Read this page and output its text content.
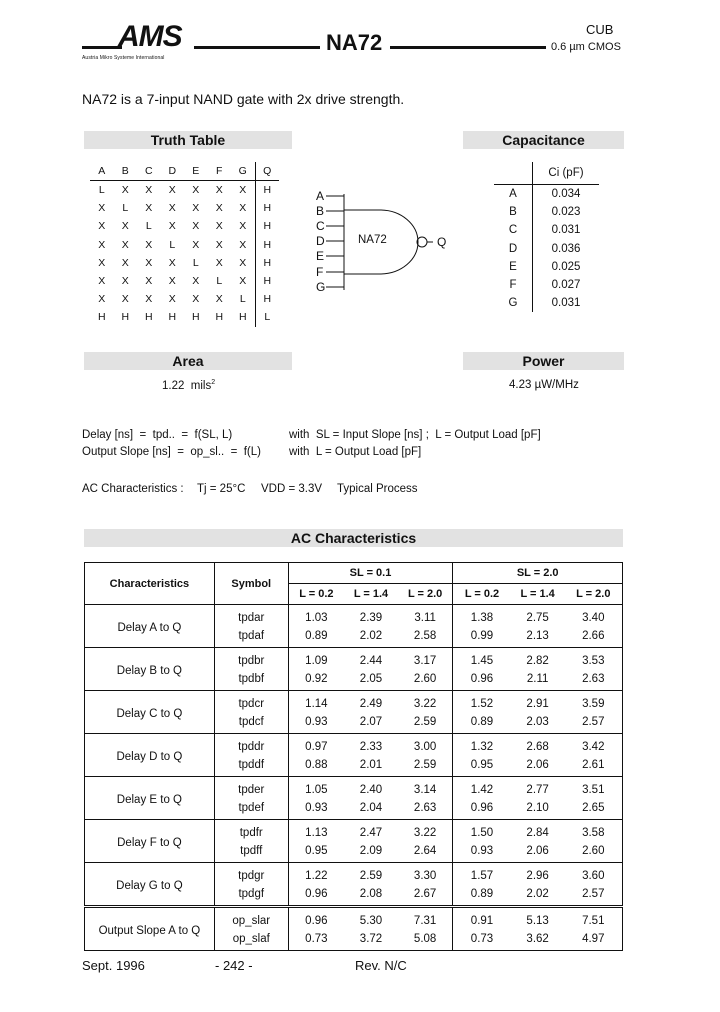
AMS
Austria Mikro Systeme International
NA72
CUB
0.6 µm CMOS
NA72 is a 7-input NAND gate with 2x drive strength.
Truth Table
A	B	C	D	E	F	G	Q
L	X	X	X	X	X	X	H
X	L	X	X	X	X	X	H
X	X	L	X	X	X	X	H
X	X	X	L	X	X	X	H
X	X	X	X	L	X	X	H
X	X	X	X	X	L	X	H
X	X	X	X	X	X	L	H
H	H	H	H	H	H	H	L
A
B
C
D
E
F
G
NA72	Q
Capacitance
	Ci (pF)
A	0.034
B	0.023
C	0.031
D	0.036
E	0.025
F	0.027
G	0.031
Area
1.22 mils$^2$
Power
4.23 µW/MHz
Delay [ns]  =  tpd..  =  f(SL, L)	with  SL = Input Slope [ns] ;  L = Output Load [pF]
Output Slope [ns]  =  op_sl..  =  f(L) with  L = Output Load [pF]
AC Characteristics : Tj = 25°C VDD = 3.3V Typical Process
AC Characteristics
Characteristics	Symbol	SL = 0.1			SL = 2.0		
		L = 0.2	L = 1.4	L = 2.0	L = 0.2	L = 1.4	L = 2.0
Delay A to Q	tpdar	1.03	2.39	3.11	1.38	2.75	3.40
	tpdaf	0.89	2.02	2.58	0.99	2.13	2.66
Delay B to Q	tpdbr	1.09	2.44	3.17	1.45	2.82	3.53
	tpdbf	0.92	2.05	2.60	0.96	2.11	2.63
Delay C to Q	tpdcr	1.14	2.49	3.22	1.52	2.91	3.59
	tpdcf	0.93	2.07	2.59	0.89	2.03	2.57
Delay D to Q	tpddr	0.97	2.33	3.00	1.32	2.68	3.42
	tpddf	0.88	2.01	2.59	0.95	2.06	2.61
Delay E to Q	tpder	1.05	2.40	3.14	1.42	2.77	3.51
	tpdef	0.93	2.04	2.63	0.96	2.10	2.65
Delay F to Q	tpdfr	1.13	2.47	3.22	1.50	2.84	3.58
	tpdff	0.95	2.09	2.64	0.93	2.06	2.60
Delay G to Q	tpdgr	1.22	2.59	3.30	1.57	2.96	3.60
	tpdgf	0.96	2.08	2.67	0.89	2.02	2.57
Output Slope A to Q	op_slar	0.96	5.30	7.31	0.91	5.13	7.51
	op_slaf	0.73	3.72	5.08	0.73	3.62	4.97
Sept. 1996	- 242 -	Rev. N/C
